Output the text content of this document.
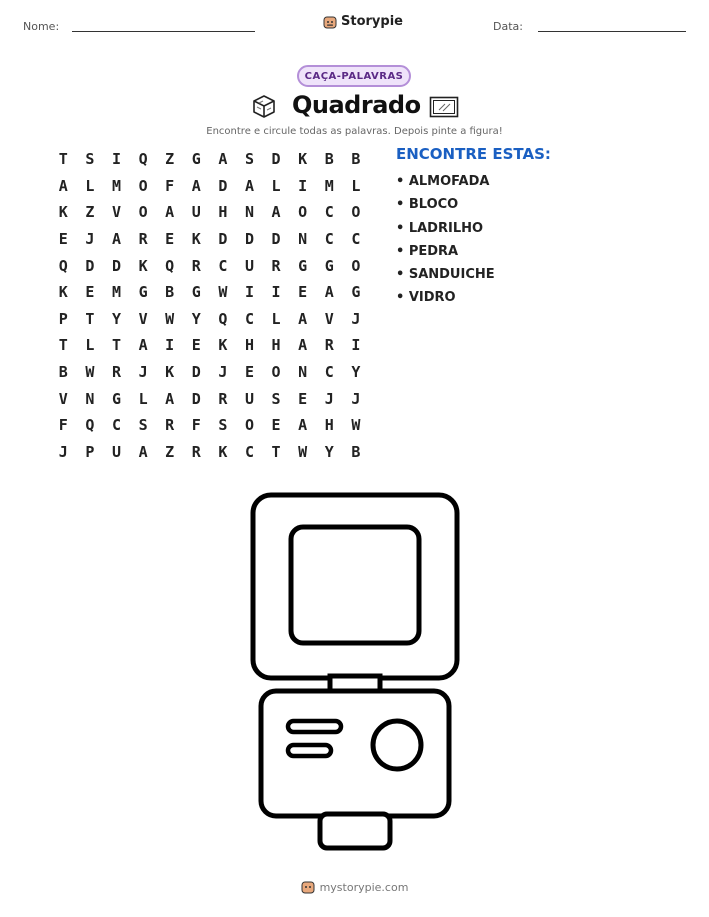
Nome:	Storypie	Data:
CAÇA-PALAVRAS
Quadrado
Encontre e circule todas as palavras. Depois pinte a figura!
T	S	I	Q	Z	G	A	S	D	K	B	B
A	L	M	O	F	A	D	A	L	I	M	L
K	Z	V	O	A	U	H	N	A	O	C	O
E	J	A	R	E	K	D	D	D	N	C	C
Q	D	D	K	Q	R	C	U	R	G	G	O
K	E	M	G	B	G	W	I	I	E	A	G
P	T	Y	V	W	Y	Q	C	L	A	V	J
T	L	T	A	I	E	K	H	H	A	R	I
B	W	R	J	K	D	J	E	O	N	C	Y
V	N	G	L	A	D	R	U	S	E	J	J
F	Q	C	S	R	F	S	O	E	A	H	W
J	P	U	A	Z	R	K	C	T	W	Y	B
ENCONTRE ESTAS:
• ALMOFADA
• BLOCO
• LADRILHO
• PEDRA
• SANDUICHE
• VIDRO
mystorypie.com
